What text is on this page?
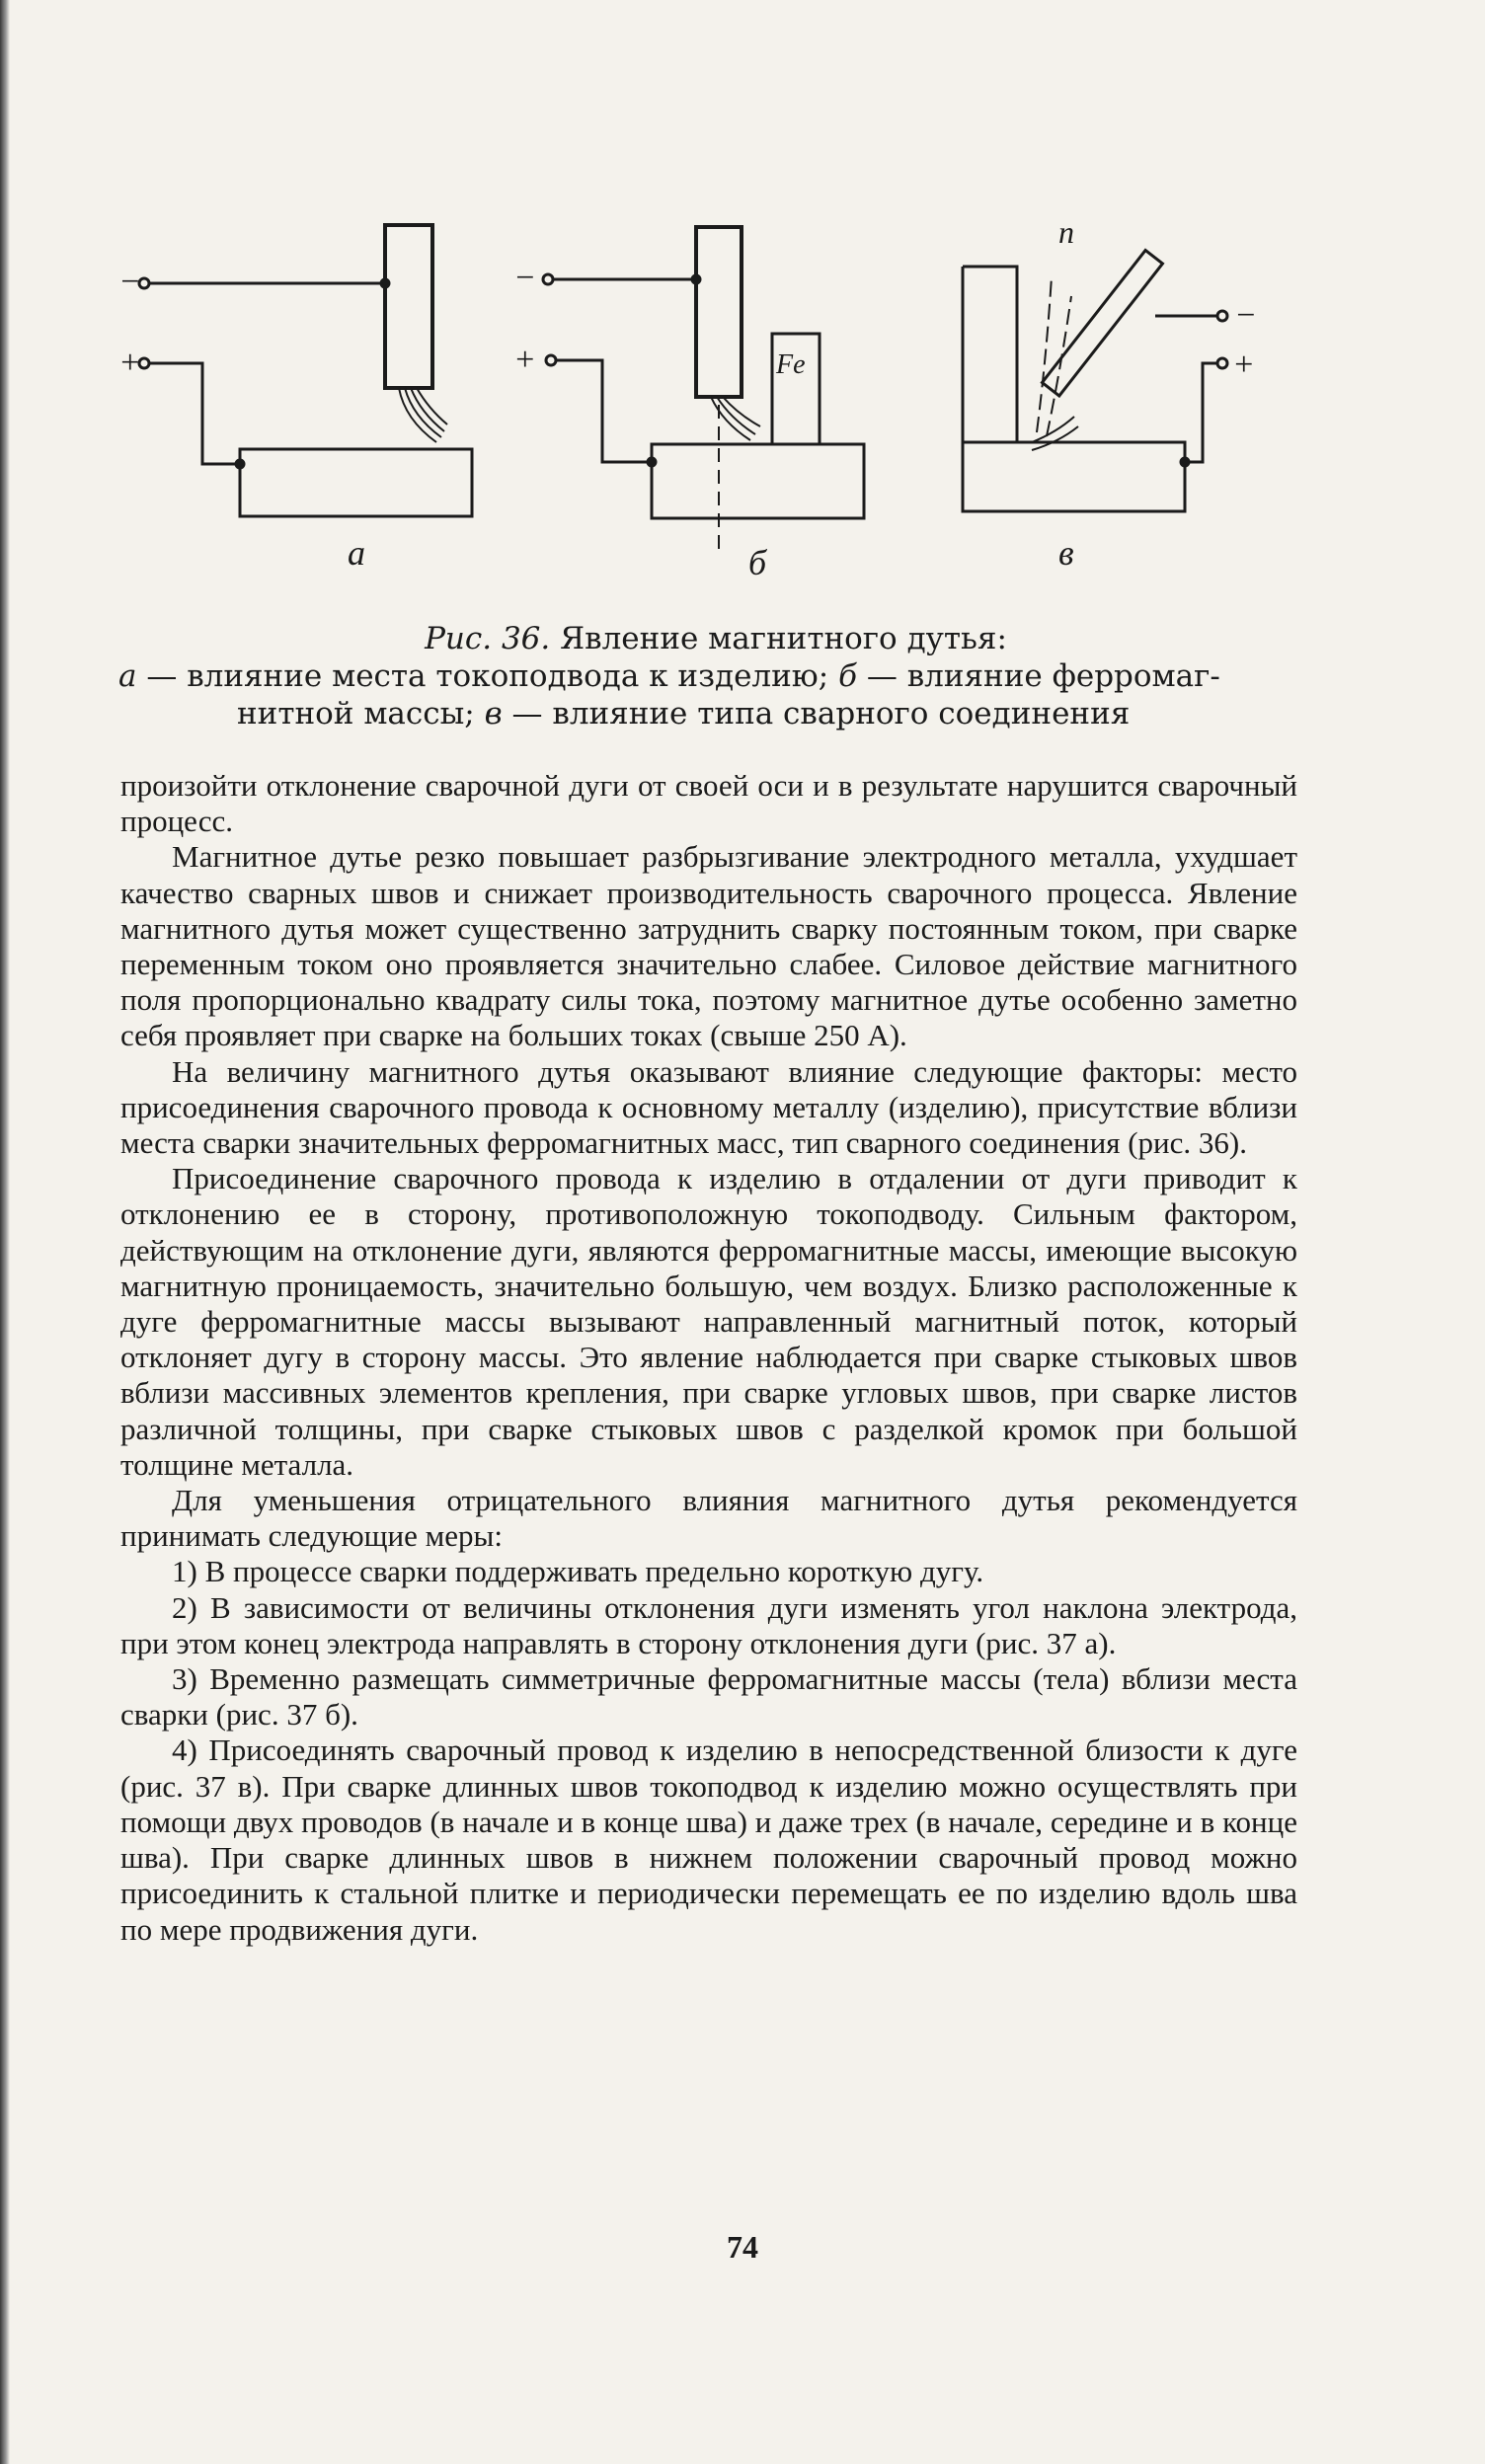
−
+
а
−
+	Fe
б
п
−
+
в
Рис. 36. Явление магнитного дутья:
а — влияние места токоподвода к изделию; б — влияние ферромаг-
нитной массы; в — влияние типа сварного соединения

произойти отклонение сварочной дуги от своей оси и в результате нарушится сварочный процесс.

Магнитное дутье резко повышает разбрызгивание электродного металла, ухудшает качество сварных швов и снижает производительность сварочного процесса. Явление магнитного дутья может существенно затруднить сварку постоянным током, при сварке переменным током оно проявляется значительно слабее. Силовое действие магнитного поля пропорционально квадрату силы тока, поэтому магнитное дутье особенно заметно себя проявляет при сварке на больших токах (свыше 250 А).

На величину магнитного дутья оказывают влияние следующие факторы: место присоединения сварочного провода к основному металлу (изделию), присутствие вблизи места сварки значительных ферромагнитных масс, тип сварного соединения (рис. 36).

Присоединение сварочного провода к изделию в отдалении от дуги приводит к отклонению ее в сторону, противоположную токоподводу. Сильным фактором, действующим на отклонение дуги, являются ферромагнитные массы, имеющие высокую магнитную проницаемость, значительно большую, чем воздух. Близко расположенные к дуге ферромагнитные массы вызывают направленный магнитный поток, который отклоняет дугу в сторону массы. Это явление наблюдается при сварке стыковых швов вблизи массивных элементов крепления, при сварке угловых швов, при сварке листов различной толщины, при сварке стыковых швов с разделкой кромок при большой толщине металла.

Для уменьшения отрицательного влияния магнитного дутья рекомендуется принимать следующие меры:

1) В процессе сварки поддерживать предельно короткую дугу.

2) В зависимости от величины отклонения дуги изменять угол наклона электрода, при этом конец электрода направлять в сторону отклонения дуги (рис. 37 а).

3) Временно размещать симметричные ферромагнитные массы (тела) вблизи места сварки (рис. 37 б).

4) Присоединять сварочный провод к изделию в непосредственной близости к дуге (рис. 37 в). При сварке длинных швов токоподвод к изделию можно осуществлять при помощи двух проводов (в начале и в конце шва) и даже трех (в начале, середине и в конце шва). При сварке длинных швов в нижнем положении сварочный провод можно присоединить к стальной плитке и периодически перемещать ее по изделию вдоль шва по мере продвижения дуги.

74
